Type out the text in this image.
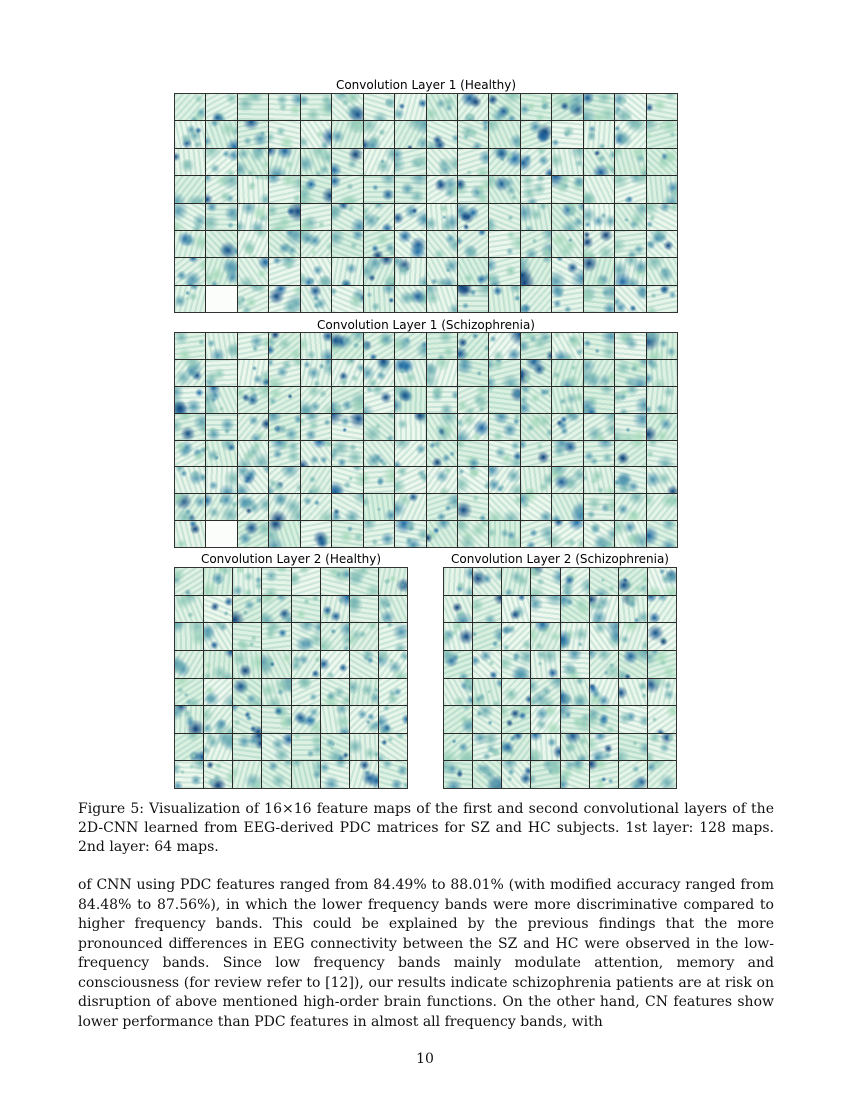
Convolution Layer 1 (Healthy)
Convolution Layer 1 (Schizophrenia)
Convolution Layer 2 (Healthy)	Convolution Layer 2 (Schizophrenia)
Figure 5: Visualization of 16×16 feature maps of the first and second convolutional layers of the 2D-CNN learned from EEG-derived PDC matrices for SZ and HC subjects. 1st layer: 128 maps. 2nd layer: 64 maps.

of CNN using PDC features ranged from 84.49% to 88.01% (with modified accuracy ranged from 84.48% to 87.56%), in which the lower frequency bands were more discriminative compared to higher frequency bands. This could be explained by the previous findings that the more pronounced differences in EEG connectivity between the SZ and HC were observed in the low-frequency bands. Since low frequency bands mainly modulate attention, memory and consciousness (for review refer to [12]), our results indicate schizophrenia patients are at risk on disruption of above mentioned high-order brain functions. On the other hand, CN features show lower performance than PDC features in almost all frequency bands, with

10
